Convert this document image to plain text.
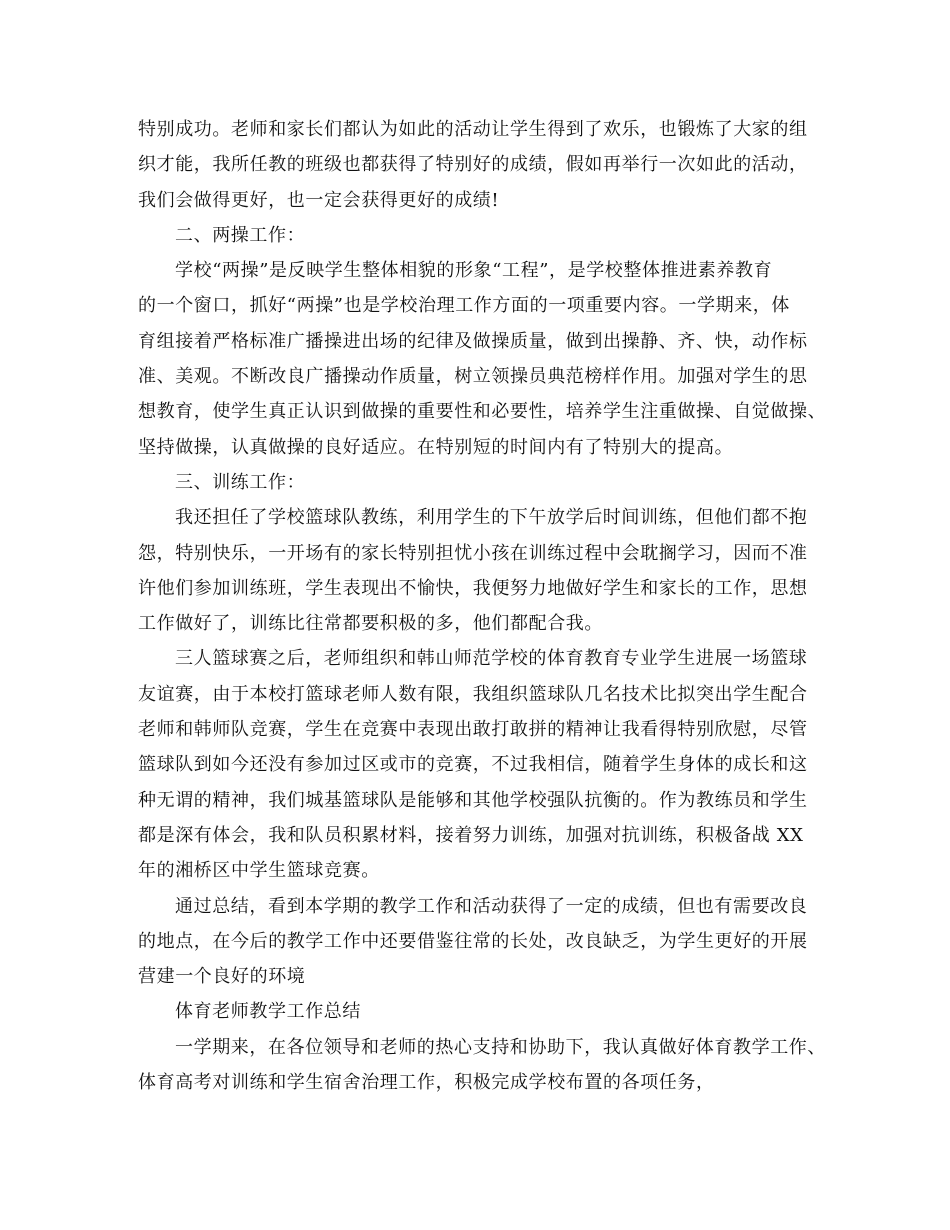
特别成功。老师和家长们都认为如此的活动让学生得到了欢乐，也锻炼了大家的组
织才能，我所任教的班级也都获得了特别好的成绩，假如再举行一次如此的活动，
我们会做得更好，也一定会获得更好的成绩!
二、两操工作：
学校“两操”是反映学生整体相貌的形象“工程”，是学校整体推进素养教育
的一个窗口，抓好“两操”也是学校治理工作方面的一项重要内容。一学期来，体
育组接着严格标准广播操进出场的纪律及做操质量，做到出操静、齐、快，动作标
准、美观。不断改良广播操动作质量，树立领操员典范榜样作用。加强对学生的思
想教育，使学生真正认识到做操的重要性和必要性，培养学生注重做操、自觉做操、
坚持做操，认真做操的良好适应。在特别短的时间内有了特别大的提高。
三、训练工作：
我还担任了学校篮球队教练，利用学生的下午放学后时间训练，但他们都不抱
怨，特别快乐，一开场有的家长特别担忧小孩在训练过程中会耽搁学习，因而不准
许他们参加训练班，学生表现出不愉快，我便努力地做好学生和家长的工作，思想
工作做好了，训练比往常都要积极的多，他们都配合我。
三人篮球赛之后，老师组织和韩山师范学校的体育教育专业学生进展一场篮球
友谊赛，由于本校打篮球老师人数有限，我组织篮球队几名技术比拟突出学生配合
老师和韩师队竞赛，学生在竞赛中表现出敢打敢拼的精神让我看得特别欣慰，尽管
篮球队到如今还没有参加过区或市的竞赛，不过我相信，随着学生身体的成长和这
种无谓的精神，我们城基篮球队是能够和其他学校强队抗衡的。作为教练员和学生
都是深有体会，我和队员积累材料，接着努力训练，加强对抗训练，积极备战 XX
年的湘桥区中学生篮球竞赛。
通过总结，看到本学期的教学工作和活动获得了一定的成绩，但也有需要改良
的地点，在今后的教学工作中还要借鉴往常的长处，改良缺乏，为学生更好的开展
营建一个良好的环境
体育老师教学工作总结
一学期来，在各位领导和老师的热心支持和协助下，我认真做好体育教学工作、
体育高考对训练和学生宿舍治理工作，积极完成学校布置的各项任务，
